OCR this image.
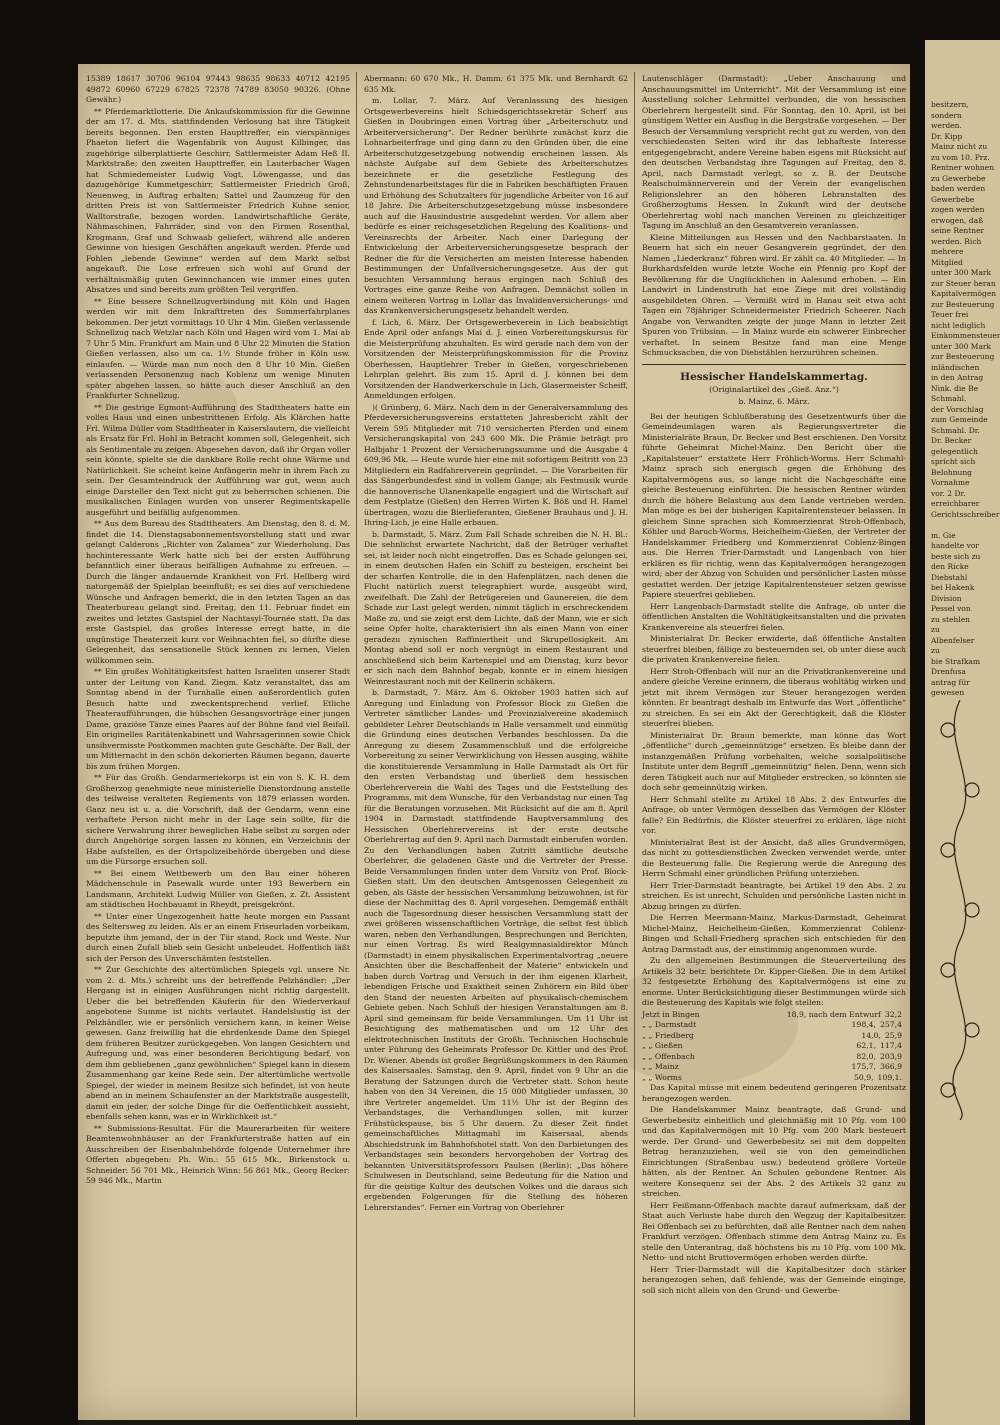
15389 18617 30706 96104 97443 98635 98633 40712 42195 49872 60960 67229 67825 72378 74789 83050 90326. (Ohne Gewähr.)

** Pferdemarktlotterie. Die Ankaufskommission für die Gewinne der am 17. d. Mts. stattfindenden Verlosung hat ihre Tätigkeit bereits begonnen. Den ersten Haupttreffer, ein vierspänniges Phaeton liefert die Wagenfabrik von August Kilbinger, das zugehörige silberplattierte Geschirr, Sattlermeister Adam Heß II. Marktstraße; den zweiten Haupttreffer, ein Lauterbacher Wagen hat Schmiedemeister Ludwig Vogt, Löwengasse, und das dazugehörige Kummetgeschirr, Sattlermeister Friedrich Groß, Neuenweg, in Auftrag erhalten; Sattel und Zaumzeug für den dritten Preis ist von Sattlermeister Friedrich Kuhne senior, Walltorstraße, bezogen worden. Landwirtschaftliche Geräte, Nähmaschinen, Fahrräder, sind von den Firmen Rosenthal, Krogmann, Graf und Schwaab geliefert, während alle anderen Gewinne von hiesigen Geschäften angekauft werden. Pferde und Fohlen „lebende Gewinne“ werden auf dem Markt selbst angekauft. Die Lose erfreuen sich wohl auf Grund der verhältnismäßig guten Gewinnchancen wie immer eines guten Absatzes und sind bereits zum größten Teil vergriffen.

** Eine bessere Schnellzugverbindung mit Köln und Hagen werden wir mit dem Inkrafttreten des Sommerfahrplanes bekommen. Der jetzt vormittags 10 Uhr 4 Min. Gießen verlassende Schnellzug nach Wetzlar nach Köln und Hagen wird vom 1. Mai ab 7 Uhr 5 Min. Frankfurt am Main und 8 Uhr 22 Minuten die Station Gießen verlassen, also um ca. 1½ Stunde früher in Köln usw. einlaufen. — Würde man nun noch den 8 Uhr 10 Min. Gießen verlassenden Personenzug nach Koblenz um wenige Minuten später abgehen lassen, so hätte auch dieser Anschluß an den Frankfurter Schnellzug.

** Die gestrige Egmont-Aufführung des Stadttheaters hatte ein volles Haus und einen unbestrittenen Erfolg. Als Klärchen hatte Frl. Wilma Düller vom Stadttheater in Kaiserslautern, die vielleicht als Ersatz für Frl. Hohl in Betracht kommen soll, Gelegenheit, sich als Sentimentale zu zeigen. Abgesehen davon, daß ihr Organ voller sein könnte, spielte sie die dankbare Rolle recht ohne Wärme und Natürlichkeit. Sie scheint keine Anfängerin mehr in ihrem Fach zu sein. Der Gesamteindruck der Aufführung war gut, wenn auch einige Darsteller den Text nicht gut zu beherrschen schienen. Die musikalischen Einlagen wurden von unserer Regimentskapelle ausgeführt und beifällig aufgenommen.

** Aus dem Bureau des Stadttheaters. Am Dienstag, den 8. d. M. findet die 14. Dienstagsabonnementsvorstellung statt und zwar gelangt Calderons „Richter von Zalamea“ zur Wiederholung. Das hochinteressante Werk hatte sich bei der ersten Aufführung befanntlich einer überaus beifälligen Aufnahme zu erfreuen. — Durch die länger andauernde Krankheit von Frl. Hellberg wird naturgemäß der Spielplan beeinflußt; es sei dies auf verschiedene Wünsche und Anfragen bemerkt, die in den letzten Tagen an das Theaterbureau gelangt sind. Freitag, den 11. Februar findet ein zweites und letztes Gastspiel der Nachtasyl-Tournée statt. Da das erste Gastspiel, das großes Interesse erregt hatte, in die ungünstige Theaterzeit kurz vor Weihnachten fiel, so dürfte diese Gelegenheit, das sensationelle Stück kennen zu lernen, Vielen willkommen sein.

** Ein großes Wohltätigkeitsfest hatten Israeliten unserer Stadt unter der Leitung von Kand. Ziegm. Katz veranstaltet, das am Sonntag abend in der Turnhalle einen außerordentlich guten Besuch hatte und zweckentsprechend verlief. Etliche Theateraufführungen, die hübschen Gesangsvorträge einer jungen Dame, graziöse Tänze eines Paares auf der Bühne fand viel Beifall. Ein originelles Raritätenkabinett und Wahrsagerinnen sowie Chick unsihvermisste Postkommen machten gute Geschäfte. Der Ball, der um Mitternacht in den schön dekorierten Räumen begann, dauerte bis zum frühen Morgen.

** Für das Großh. Gendarmeriekorps ist ein von S. K. H. dem Großherzog genehmigte neue ministerielle Dienstordnung anstelle des teilweise veralteten Reglements von 1879 erlassen worden. Ganz neu ist u. a. die Vorschrift, daß der Gendarm, wenn eine verhaftete Person nicht mehr in der Lage sein sollte, für die sichere Verwahrung ihrer beweglichen Habe selbst zu sorgen oder durch Angehörige sorgen lassen zu können, ein Verzeichnis der Habe aufstellen, es der Ortspolizeibehörde übergeben und diese um die Fürsorge ersuchen soll.

** Bei einem Wettbewerb um den Bau einer höheren Mädchenschule in Pasewalk wurde unter 193 Bewerbern ein Landsmann, Architekt Ludwig Müller von Gießen, z. Zt. Assistent am städtischen Hochbauamt in Rheydt, preisgekrönt.

** Unter einer Ungezogenheit hatte heute morgen ein Passant des Seltersweg zu leiden. Als er an einem Friseurladen vorbeikam, beputzte ihm jemand, der in der Tür stand, Rock und Weste. Nur durch einen Zufall blieb sein Gesicht unbeleudet. Hoffentlich läßt sich der Person des Unverschämten feststellen.

** Zur Geschichte des altertümlichen Spiegels vgl. unsere Nr. vom 2. d. Mts.) schreibt uns der betreffende Pelzhändler: „Der Hergang ist in einigen Ausführungen nicht richtig dargestellt. Ueber die bei betreffenden Käuferin für den Wiederverkauf angebotene Summe ist nichts verlautet. Handelslustig ist der Pelzhändler, wie er persönlich versichern kann, in keiner Weise gewesen. Ganz freiwillig hat die ehrdenkende Dame den Spiegel dem früheren Besitzer zurückgegeben. Von langen Gesichtern und Aufregung und, was einer besonderen Berichtigung bedarf, von dem ihm gebliebenen „ganz gewöhnlichen“ Spiegel kann in diesem Zusammenhang gar keine Rede sein. Der altertümliche wertvolle Spiegel, der wieder in meinem Besitze sich befindet, ist von heute abend an in meinem Schaufenster an der Marktstraße ausgestellt, damit ein jeder, der solche Dinge für die Oeffentlichkeit aussieht, ebenfalls sehen kann, was er in Wirklichkeit ist.“

** Submissions-Resultat. Für die Maurerarbeiten für weitere Beamtenwohnhäuser an der Frankfurterstraße hatten auf ein Ausschreiben der Eisenbahnbehörde folgende Unternehmer ihre Offerten abgegeben: Ph. Win.: 55 615 Mk., Birkenstock u. Schneider: 56 701 Mk., Heinrich Winn: 56 861 Mk., Georg Becker: 59 946 Mk., Martin

Abermann: 60 670 Mk., H. Damm: 61 375 Mk. und Bernhardt 62 635 Mk.

m. Lollar, 7. März. Auf Veranlassung des hiesigen Ortsgewerbevereins hielt Schiedsgerichtssekretär Scherf aus Gießen in Doubringen einen Vortrag über „Arbeiterschutz und Arbeiterversicherung“. Der Redner berührte zunächst kurz die Lohnarbeiterfrage und ging dann zu den Gründen über, die eine Arbeiterschutzgesetzgebung notwendig erscheinen lassen. Als nächste Aufgabe auf dem Gebiete des Arbeiterschutzes bezeichnete er die gesetzliche Festlegung des Zehnstundenarbeitstages für die in Fabriken beschäftigten Frauen und Erhöhung des Schutzalters für jugendliche Arbeiter von 16 auf 18 Jahre. Die Arbeiterschutzgesetzgebung müsse insbesondere auch auf die Hausindustrie ausgedehnt werden. Vor allem aber bedürfe es einer reichsgesetzlichen Regelung des Koalitions- und Vereinsrechts der Arbeiter. Nach einer Darlegung der Entwickelung der Arbeiterversicherungsgesetze besprach der Redner die für die Versicherten am meisten Interesse habenden Bestimmungen der Unfallversicherungsgesetze. Aus der gut besuchten Versammlung heraus ergingen nach Schluß des Vortrages eine ganze Reihe von Anfragen. Demnächst sollen in einem weiteren Vortrag in Lollar das Invalidenversicherungs- und das Krankenversicherungsgesetz behandelt werden.

f. Lich, 6. März. Der Ortsgewerbeverein in Lich beabsichtigt Ende April oder anfangs Mai d. J. einen Vorbereitungskursus für die Meisterprüfung abzuhalten. Es wird gerade nach dem von der Vorsitzenden der Meisterprüfungskommission für die Provinz Oberhessen, Hauptlehrer Treber in Gießen, vorgeschriebenen Lehrplan gelehrt. Bis zum 15. April d. J. können bei dem Vorsitzenden der Handwerkerschule in Lich, Glasermeister Scheiff, Anmeldungen erfolgen.

)( Grünberg, 6. März. Nach dem in der Generalversammlung des Pferdeversicherungsvereins erstatteten Jahresbericht zählt der Verein 595 Mitglieder mit 710 versicherten Pferden und einem Versicherungskapital von 243 600 Mk. Die Prämie beträgt pro Halbjahr 1 Prozent der Versicherungssumme und die Ausgabe 4 609,96 Mk. — Heute wurde hier eine mit sofortigem Beitritt von 23 Mitgliedern ein Radfahrerverein gegründet. — Die Vorarbeiten für das Sängerbundesfest sind in vollem Gange; als Festmusik wurde die hannoverische Ulanenkapelle engagiert und die Wirtschaft auf dem Festplatze (Gießen) den Herren Wirten K. Böß und H. Hamel übertragen, wozu die Bierlieferanten, Gießener Brauhaus und J. H. Ihring-Lich, je eine Halle erbauen.

b. Darmstadt, 5. März. Zum Fall Schade schreiben die N. H. Bl.: Die sehnlichst erwartete Nachricht, daß der Betrüger verhaftet sei, ist leider noch nicht eingetroffen. Das es Schade gelungen sei, in einem deutschen Hafen ein Schiff zu besteigen, erscheint bei der scharfen Kontrolle, die in den Hafenplätzen, nach denen die Flucht natürlich zuerst telegraphiert wurde, ausgeübt wird, zweifelhaft. Die Zahl der Betrügereien und Gaunereien, die dem Schade zur Last gelegt werden, nimmt täglich in erschreckendem Maße zu, und sie zeigt erst dem Lichte, daß der Mann, wie er sich seine Opfer holte, charakterisiert ihn als einen Mann von einer geradezu zynischen Raffiniertheit und Skrupellosigkeit. Am Montag abend soll er noch vergnügt in einem Restaurant und anschließend sich beim Kartenspiel und am Dienstag, kurz bevor er sich nach dem Bahnhof begab, konnte er in einem hiesigen Weinrestaurant noch mit der Kellnerin schäkern.

b. Darmstadt, 7. März. Am 6. Oktober 1903 hatten sich auf Anregung und Einladung von Professor Block zu Gießen die Vertreter sämtlicher Landes- und Provinzialvereine akademisch gebildeter Lehrer Deutschlands in Halle versammelt und einmütig die Gründung eines deutschen Verbandes beschlossen. Da die Anregung zu diesem Zusammenschluß und die erfolgreiche Vorbereitung zu seiner Verwirklichung von Hessen ausging, wählte die konstituierende Versammlung in Halle Darmstadt als Ort für den ersten Verbandstag und überließ dem hessischen Oberlehrerverein die Wahl des Tages und die Feststellung des Programms, mit dem Wunsche, für den Verbandstag nur einen Tag für die Beratungen vorzusehen. Mit Rücksicht auf die am 8. April 1904 in Darmstadt stattfindende Hauptversammlung des Hessischen Oberlehrervereins ist der erste deutsche Oberlehrertag auf den 9. April nach Darmstadt einberufen worden. Zu den Verhandlungen haben Zutritt sämtliche deutsche Oberlehrer, die geladenen Gäste und die Vertreter der Presse. Beide Versammlungen finden unter dem Vorsitz von Prof. Block-Gießen statt. Um den deutschen Amtsgenossen Gelegenheit zu geben, als Gäste der hessischen Versammlung beizuwohnen, ist für diese der Nachmittag des 8. April vorgesehen. Demgemäß enthält auch die Tagesordnung dieser hessischen Versammlung statt der zwei größeren wissenschaftlichen Vorträge, die selbst fest üblich waren, neben den Verhandlungen, Besprechungen und Berichten, nur einen Vortrag. Es wird Realgymnasialdirektor Münch (Darmstadt) in einem physikalischen Experimentalvortrag „neuere Ansichten über die Beschaffenheit der Materie“ entwickeln und haben durch Vortrag und Versuch in der ihm eigenen Klarheit, lebendigen Frische und Exaktheit seinen Zuhörern ein Bild über den Stand der neuesten Arbeiten auf physikalisch-chemischem Gebiete geben. Nach Schluß der hiesigen Veranstaltungen am 8. April sind gemeinsam für beide Versammlungen. Um 11 Uhr ist Besichtigung des mathematischen und um 12 Uhr des elektrotechnischen Instituts der Großh. Technischen Hochschule unter Führung des Geheimrats Professor Dr. Kittler und des Prof. Dr. Wiener. Abends ist großer Begrüßungskommers in den Räumen des Kaisersaales. Samstag, den 9. April, findet von 9 Uhr an die Beratung der Satzungen durch die Vertreter statt. Schon heute haben von den 34 Vereinen, die 15 000 Mitglieder umfassen, 30 ihre Vertreter angemeldet. Um 11½ Uhr ist der Beginn des Verbandstages, die Verhandlungen sollen, mit kurzer Frühstückspause, bis 5 Uhr dauern. Zu dieser Zeit findet gemeinschaftliches Mittagmahl im Kaisersaal, abends Abschiedstrunk im Bahnhofshotel statt. Von den Darbietungen des Verbandstages sein besonders hervorgehoben der Vortrag des bekannten Universitätsprofessors Paulsen (Berlin): „Das höhere Schulwesen in Deutschland, seine Bedeutung für die Nation und für die geistige Kultur des deutschen Volkes und die daraus sich ergebenden Folgerungen für die Stellung des höheren Lehrerstandes“. Ferner ein Vortrag von Oberlehrer

Lautenschläger (Darmstadt): „Ueber Anschauung und Anschauungsmittel im Unterricht“. Mit der Versammlung ist eine Ausstellung solcher Lehrmittel verbunden, die von hessischen Oberlehrern hergestellt sind. Für Sonntag, den 10. April, ist bei günstigem Wetter ein Ausflug in die Bergstraße vorgesehen. — Der Besuch der Versammlung verspricht recht gut zu werden, von den verschiedensten Seiten wird ihr das lebhafteste Interesse entgegengebracht, andere Vereine haben eigens mit Rücksicht auf den deutschen Verbandstag ihre Tagungen auf Freitag, den 8. April, nach Darmstadt verlegt, so z. B. der Deutsche Realschulmännerverein und der Verein der evangelischen Religionslehrer an den höheren Lehranstalten des Großherzogtums Hessen. In Zukunft wird der deutsche Oberlehrertag wohl nach manchen Vereinen zu gleichzeitiger Tagung im Anschluß an den Gesamtverein veranlassen.

Kleine Mitteilungen aus Hessen und den Nachbarstaaten. In Beuern hat sich ein neuer Gesangverein gegründet, der den Namen „Liederkranz“ führen wird. Er zählt ca. 40 Mitglieder. — In Burkhardsfelden wurde letzte Woche ein Pfennig pro Kopf der Bevölkerung für die Unglücklichen in Aalesund erhoben. — Ein Landwirt in Lindenstruth hat eine Ziege mit drei vollständig ausgebildeten Ohren. — Vermißt wird in Hanau seit etwa acht Tagen ein 78jähriger Schneidermeister Friedrich Scheerer. Nach Angabe von Verwandten zeigte der junge Mann in letzter Zeit Spuren von Trübsinn. — In Mainz wurde ein schwerer Einbrecher verhaftet. In seinem Besitze fand man eine Menge Schmucksachen, die von Diebstählen herzurühren scheinen.

Hessischer Handelskammertag.
(Originalartikel des „Gieß. Anz.“)
b. Mainz, 6. März.

Bei der heutigen Schlußberatung des Gesetzentwurfs über die Gemeindeumlagen waren als Regierungsvertreter die Ministerialräte Braun, Dr. Becker und Best erschienen. Den Vorsitz führte Geheimrat Michel-Mainz. Den Bericht über die „Kapitalsteuer“ erstattete Herr Fröhlich-Worms. Herr Schmahl-Mainz sprach sich energisch gegen die Erhöhung des Kapitalvermögens aus, so lange nicht die Nachgeschäfte eine gleiche Besteuerung einführten. Die hessischen Rentner würden durch die höhere Belastung aus dem Lande vertrieben werden. Man möge es bei der bisherigen Kapitalrentensteuer belassen. In gleichem Sinne sprachen sich Kommerzienrat Stroh-Offenbach, Köhler und Baruch-Worms, Heichelheim-Gießen, der Vertreter der Handelskammer Friedberg und Kommerzienrat Coblenz-Bingen aus. Die Herren Trier-Darmstadt und Langenbach von hier erklären es für richtig, wenn das Kapitalvermögen herangezogen wird; aber der Abzug von Schulden und persönlicher Lasten müsse gestattet werden. Der jetzige Kapitalrentensteuer setzen gewisse Papiere steuerfrei geblieben.

Herr Langenbach-Darmstadt stellte die Anfrage, ob unter die öffentlichen Anstalten die Wohltätigkeitsanstalten und die privaten Krankenvereine als steuerfrei fielen.

Ministerialrat Dr. Becker erwiderte, daß öffentliche Anstalten steuerfrei bleiben, fällige zu besteuernden sei, ob unter diese auch die privaten Krankenvereine fielen.

Herr Stroh-Offenbach will nur an die Privatkrankenvereine und andere gleiche Vereine erinnern, die überaus wohltätig wirken und jetzt mit ihrem Vermögen zur Steuer herangezogen werden könnten. Er beantragt deshalb im Entwurfe das Wort „öffentliche“ zu streichen. Es sei ein Akt der Gerechtigkeit, daß die Klöster steuerfrei blieben.

Ministerialrat Dr. Braun bemerkte, man könne das Wort „öffentliche“ durch „gemeinnützige“ ersetzen. Es bleibe dann der instanzgemäßen Prüfung vorbehalten, welche sozialpolitische Institute unter dem Begriff „gemeinnützig“ fielen. Denn, wenn sich deren Tätigkeit auch nur auf Mitglieder erstrecken, so könnten sie doch sehr gemeinnützig wirken.

Herr Schmahl stellte zu Artikel 18 Abs. 2 des Entwurfes die Anfrage, ob unter Vermögen desselben das Vermögen der Klöster falle? Ein Bedürfnis, die Klöster steuerfrei zu erklären, läge nicht vor.

Ministerialrat Best ist der Ansicht, daß alles Grundvermögen, das nicht zu gottesdienstlichen Zwecken verwendet werde, unter die Besteuerung falle. Die Regierung werde die Anregung des Herrn Schmahl einer gründlichen Prüfung unterziehen.

Herr Trier-Darmstadt beantragte, bei Artikel 19 den Abs. 2 zu streichen. Es ist unrecht, Schulden und persönliche Lasten nicht in Abzug bringen zu dürfen.

Die Herren Meermann-Mainz, Markus-Darmstadt, Geheimrat Michel-Mainz, Heichelheim-Gießen, Kommerzienrat Coblenz-Bingen und Schall-Friedberg sprachen sich entschieden für den Antrag Darmstadt aus, der einstimmig angenommen wurde.

Zu den allgemeinen Bestimmungen die Steuerverteilung des Artikels 32 betr. berichtete Dr. Kipper-Gießen. Die in dem Artikel 32 festgesetzte Erhöhung des Kapitalvermögens ist eine zu enorme. Unter Berücksichtigung dieser Bestimmungen würde sich die Besteuerung des Kapitals wie folgt stellen:

Jetzt in Bingen	18,9, nach dem Entwurf 32,2
„ „ Darmstadt	198,4, 257,4
„ „ Friedberg	14,0, 25,9
„ „ Gießen	62,1, 117,4
„ „ Offenbach	82,0, 203,9
„ „ Mainz	175,7, 366,9
„ „ Worms	50,9, 109,1.

Das Kapital müsse mit einem bedeutend geringeren Prozentsatz herangezogen werden.

Die Handelskammer Mainz beantragte, daß Grund- und Gewerbebesitz einheitlich und gleichmäßig mit 10 Pfg. vom 100 und das Kapitalvermögen mit 10 Pfg. vom 200 Mark besteuert werde. Der Grund- und Gewerbebesitz sei mit dem doppelten Betrag heranzuziehen, weil sie von den gemeindlichen Einrichtungen (Straßenbau usw.) bedeutend größere Vorteile hätten, als der Rentner. An Schulen gebundene Rentner. Als weitere Konsequenz sei der Abs. 2 des Artikels 32 ganz zu streichen.

Herr Feißmann-Offenbach machte darauf aufmerksam, daß der Staat auch Verluste habe durch den Wegzug der Kapitalbesitzer. Bei Offenbach sei zu befürchten, daß alle Rentner nach dem nahen Frankfurt verzögen. Offenbach stimme dem Antrag Mainz zu. Es stelle den Unterantrag, daß höchstens bis zu 10 Pfg. vom 100 Mk. Netto- und nicht Bruttovermögen erhoben werden dürfte.

Herr Trier-Darmstadt will die Kapitalbesitzer doch stärker herangezogen sehen, daß fehlende, was der Gemeinde einginge, soll sich nicht allein von den Grund- und Gewerbe-

besitzern, sondern
werden.
Dr. Kipp
Mainz nicht zu
zu vom 10. Prz.
Rentner wohnen
zu Gewerbebe
baden werden
Gewerbebe
zogen werden
erwogen, daß
seine Rentner
werden. Rich
mehrere Mitglied
unter 300 Mark
zur Steuer heran
Kapitalvermögen
zur Besteuerung
Teuer frei
nicht lediglich
Einkommensteuer
unter 300 Mark
zur Besteuerung
inländischen
in den Antrag
Nink. die Be
Schmahl.
der Vorschlag
zum Gemeinde
Schmahl. Dr.
Dr. Becker
gelegentlich
spricht sich
Belohnung
Vornahme
vor. 2 Dr.
erreichbarer
Gerichtsschreiber

m. Gie
handelte vor
beste sich zu
den Ricke
Diebstahl
bei Hakenk
Division
Pessel von
zu stehlen
zu
Albenfelser
zu
bie Strafkam
Drenfusa
antrag für
gewesen
